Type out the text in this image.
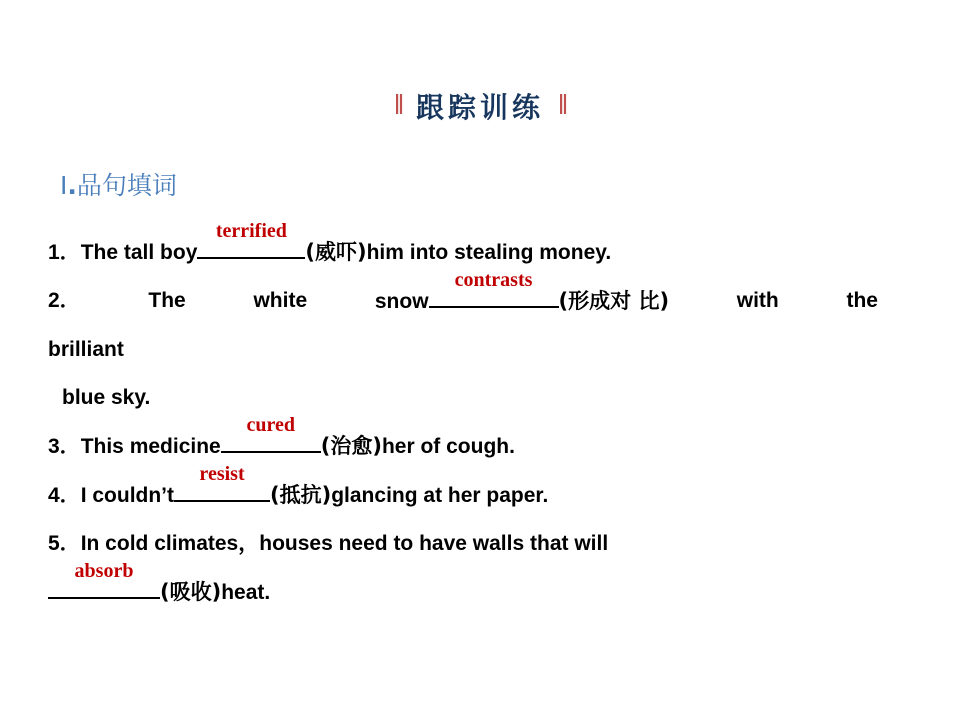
‖ 跟踪训练 ‖
Ⅰ.品句填词
1．The tall boy
terrified
(威吓)him into stealing money.
2．	The	white	snow
contrasts
(形成对 比)	with	the
brilliant
blue sky.
3．This medicine
cured
(治愈)her of cough.
4．I couldn’t
resist
(抵抗)glancing at her paper.
5．In cold climates，houses need to have walls that will
absorb
(吸收)heat.
